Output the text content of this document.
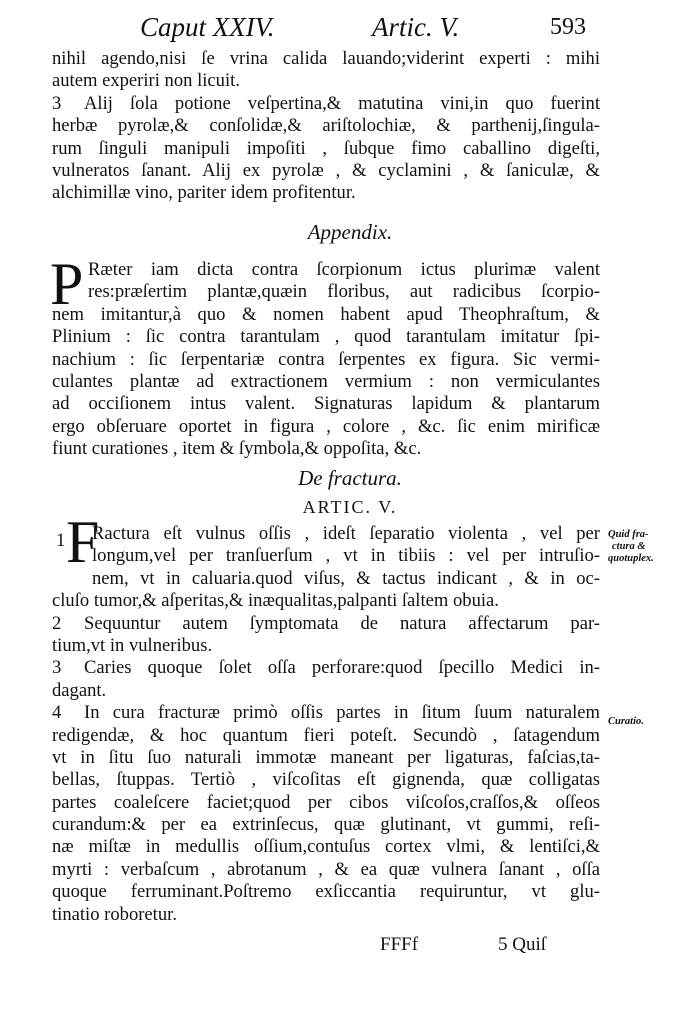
Caput XXIV.	Artic. V.	593
nihil agendo,nisi ſe vrina calida lauando;viderint experti : mihi
autem experiri non licuit.
3 Alij ſola potione veſpertina,& matutina vini,in quo fuerint
herbæ pyrolæ,& conſolidæ,& ariſtolochiæ, & parthenij,ſingula-
rum ſinguli manipuli impoſiti , ſubque fimo caballino digeſti,
vulneratos ſanant. Alij ex pyrolæ , & cyclamini , & ſaniculæ, &
alchimillæ vino, pariter idem profitentur.
Appendix.
P Ræter iam dicta contra ſcorpionum ictus plurimæ valent
res:præſertim plantæ,quæin floribus, aut radicibus ſcorpio-
nem imitantur,à quo & nomen habent apud Theophraſtum, &
Plinium : ſic contra tarantulam , quod tarantulam imitatur ſpi-
nachium : ſic ſerpentariæ contra ſerpentes ex figura. Sic vermi-
culantes plantæ ad extractionem vermium : non vermiculantes
ad occiſionem intus valent. Signaturas lapidum & plantarum
ergo obſeruare oportet in figura , colore , &c. ſic enim mirificæ
fiunt curationes , item & ſymbola,& oppoſita, &c.
De fractura.
ARTIC. V.
1 F
Ractura eſt vulnus oſſis , ideſt ſeparatio violenta , vel per
longum,vel per tranſuerſum , vt in tibiis : vel per intruſio-
nem, vt in caluaria.quod viſus, & tactus indicant , & in oc-
cluſo tumor,& aſperitas,& inæqualitas,palpanti ſaltem obuia.
2 Sequuntur autem ſymptomata de natura affectarum par-
tium,vt in vulneribus.
3 Caries quoque ſolet oſſa perforare:quod ſpecillo Medici in-
dagant.
4 In cura fracturæ primò oſſis partes in ſitum ſuum naturalem
redigendæ, & hoc quantum fieri poteſt. Secundò , ſatagendum
vt in ſitu ſuo naturali immotæ maneant per ligaturas, faſcias,ta-
bellas, ſtuppas. Tertiò , viſcoſitas eſt gignenda, quæ colligatas
partes coaleſcere faciet;quod per cibos viſcoſos,craſſos,& oſſeos
curandum:& per ea extrinſecus, quæ glutinant, vt gummi, reſi-
næ miſtæ in medullis oſſium,contuſus cortex vlmi, & lentiſci,&
myrti : verbaſcum , abrotanum , & ea quæ vulnera ſanant , oſſa
quoque ferruminant.Poſtremo exſiccantia requiruntur, vt glu-
tinatio roboretur.
Quid fra-
ctura &
quotuplex.
Curatio.
FFFf	5 Quiſ
